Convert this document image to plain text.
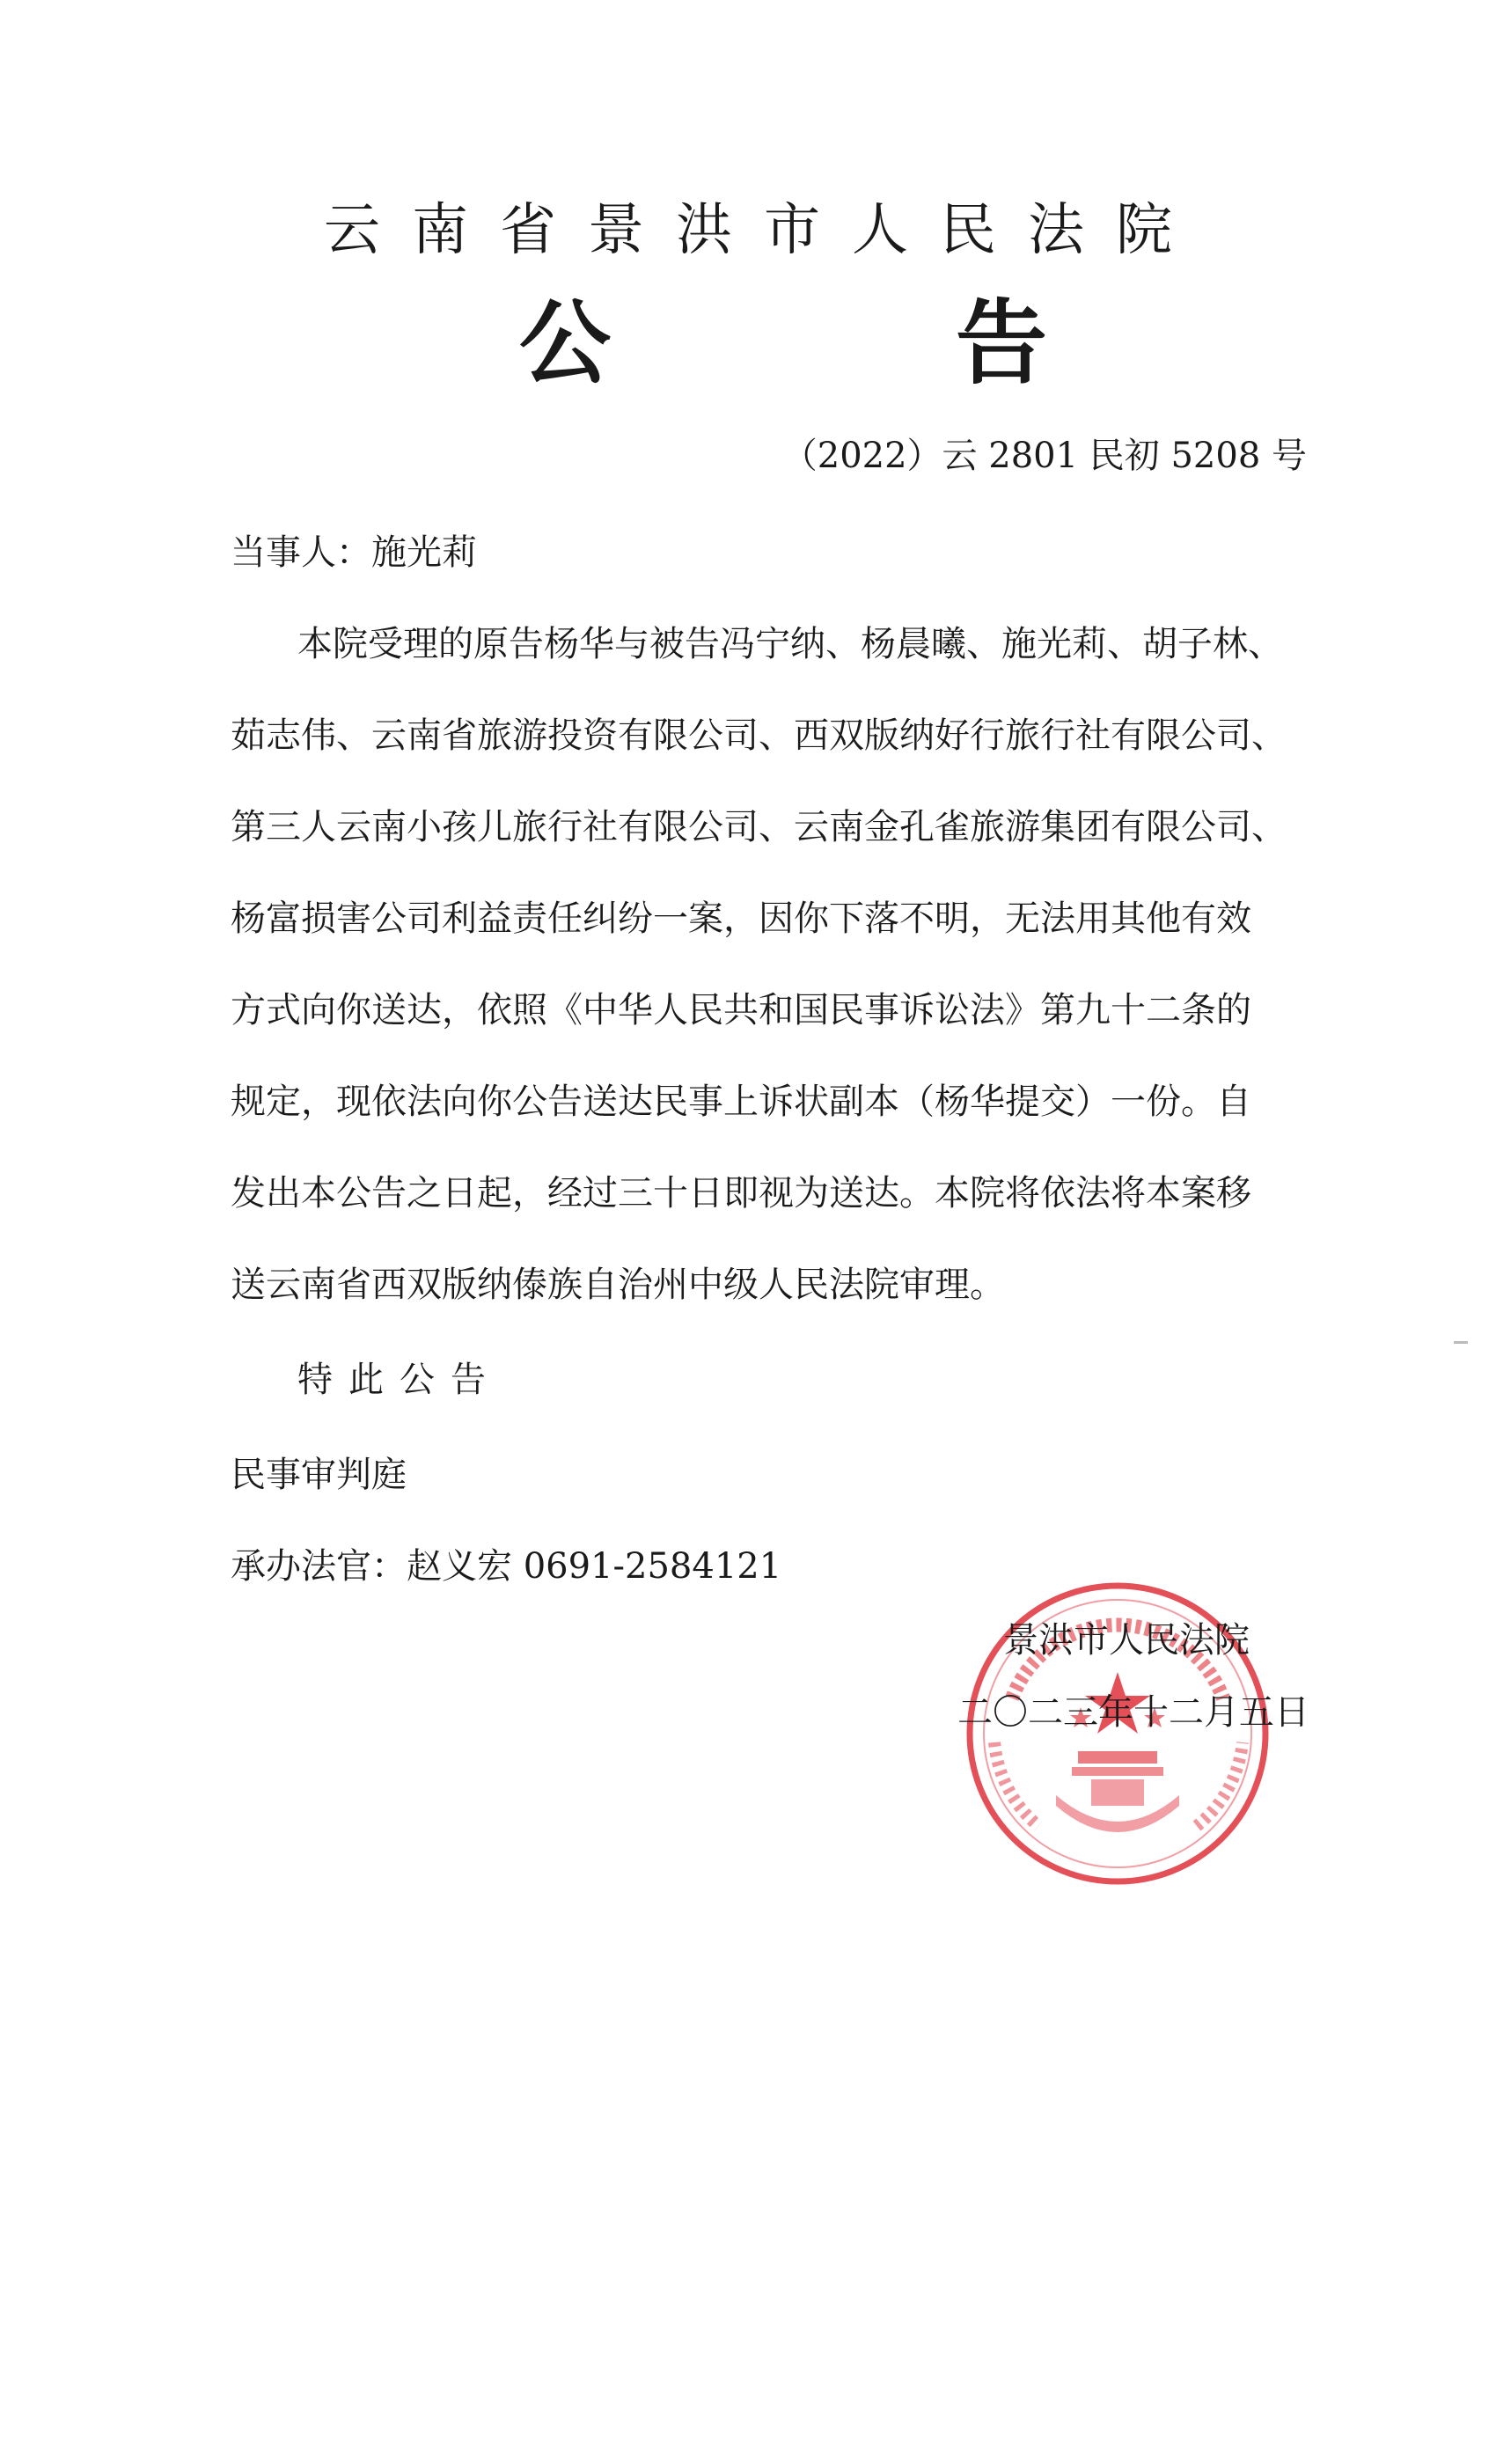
云南省景洪市人民法院
公	告
（2022）云 2801 民初 5208 号
当事人：施光莉
本院受理的原告杨华与被告冯宁纳、杨晨曦、施光莉、胡子林、
茹志伟、云南省旅游投资有限公司、西双版纳好行旅行社有限公司、
第三人云南小孩儿旅行社有限公司、云南金孔雀旅游集团有限公司、
杨富损害公司利益责任纠纷一案，因你下落不明，无法用其他有效
方式向你送达，依照《中华人民共和国民事诉讼法》第九十二条的
规定，现依法向你公告送达民事上诉状副本（杨华提交）一份。自
发出本公告之日起，经过三十日即视为送达。本院将依法将本案移
送云南省西双版纳傣族自治州中级人民法院审理。
特此公告
民事审判庭
承办法官：赵义宏 0691-2584121
景洪市人民法院
二〇二三年十二月五日
